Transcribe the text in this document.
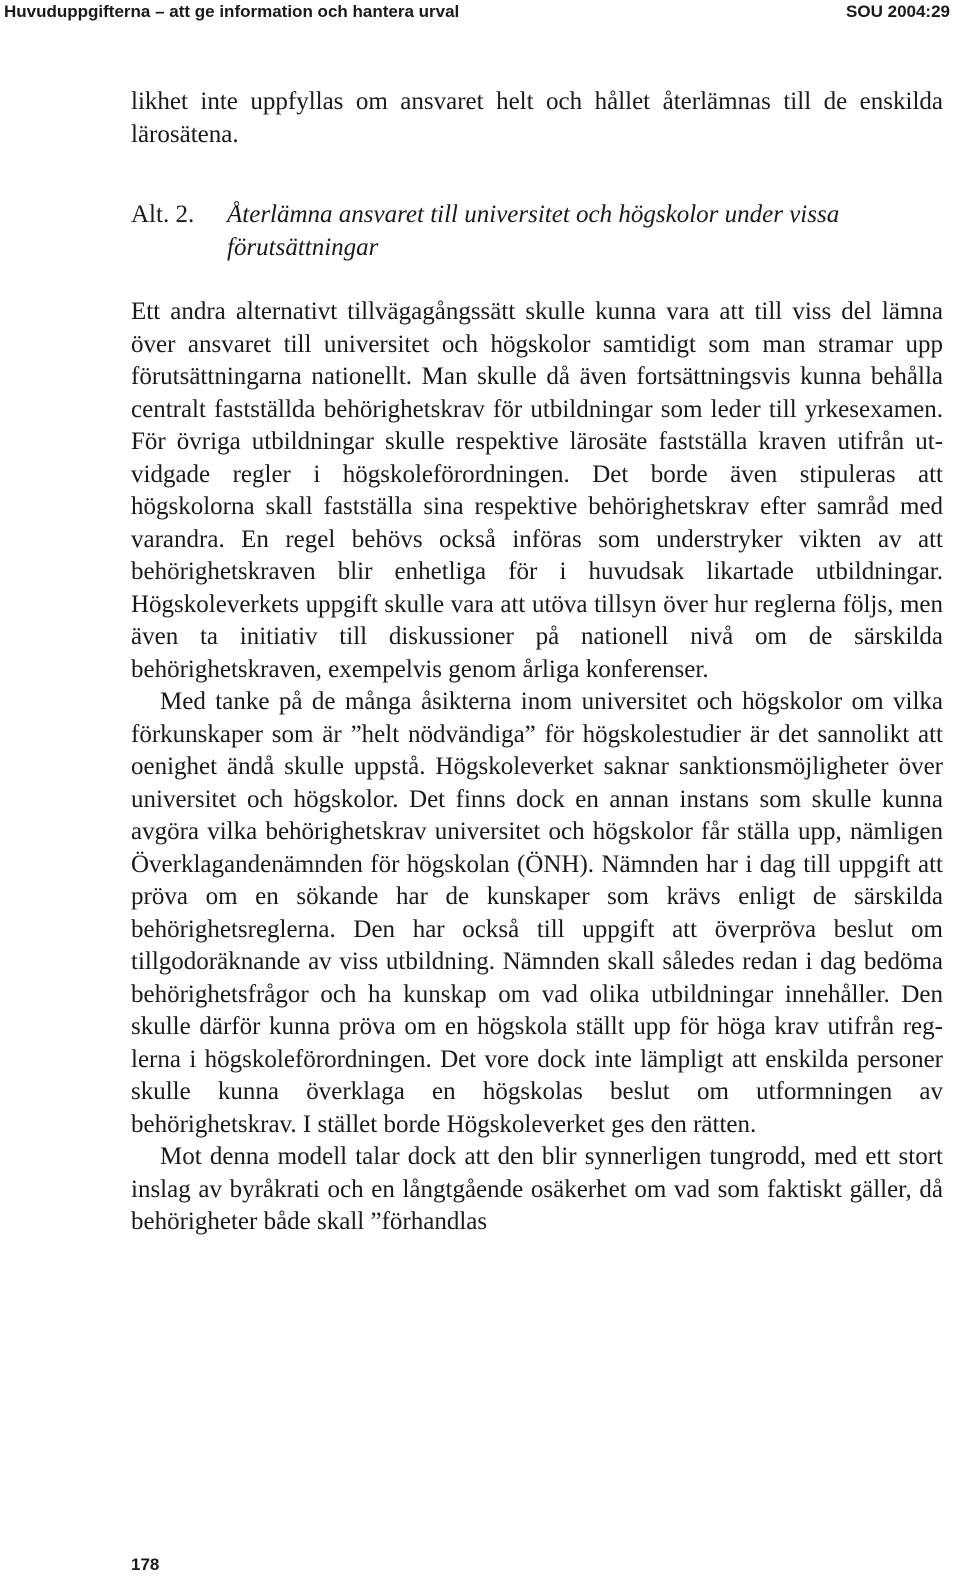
Huvuduppgifterna – att ge information och hantera urval	SOU 2004:29

likhet inte uppfyllas om ansvaret helt och hållet återlämnas till de enskilda lärosätena.

Alt. 2.	Återlämna ansvaret till universitet och högskolor under vissa förutsättningar

Ett andra alternativt tillvägagångssätt skulle kunna vara att till viss del lämna över ansvaret till universitet och högskolor samtidigt som man stramar upp förutsättningarna nationellt. Man skulle då även fortsättningsvis kunna behålla centralt fastställda behörighetskrav för utbildningar som leder till yrkesexamen. För övriga utbildningar skulle respektive lärosäte fastställa kraven utifrån utvidgade regler i högskoleförordningen. Det borde även stipuleras att högskolorna skall fastställa sina respektive behörighetskrav efter samråd med varandra. En regel behövs också införas som understryker vikten av att behörighetskraven blir enhetliga för i huvudsak likartade utbildningar. Högskoleverkets uppgift skulle vara att utöva tillsyn över hur reglerna följs, men även ta initiativ till diskussioner på nationell nivå om de särskilda behörighetskraven, exempelvis genom årliga konferenser.

Med tanke på de många åsikterna inom universitet och högskolor om vilka förkunskaper som är ”helt nödvändiga” för högskolestudier är det sannolikt att oenighet ändå skulle uppstå. Högskoleverket saknar sanktionsmöjligheter över universitet och högskolor. Det finns dock en annan instans som skulle kunna avgöra vilka behörighetskrav universitet och högskolor får ställa upp, nämligen Överklagandenämnden för högskolan (ÖNH). Nämnden har i dag till uppgift att pröva om en sökande har de kunskaper som krävs enligt de särskilda behörighetsreglerna. Den har också till uppgift att överpröva beslut om tillgodoräknande av viss utbildning. Nämnden skall således redan i dag bedöma behörighetsfrågor och ha kunskap om vad olika utbildningar innehåller. Den skulle därför kunna pröva om en högskola ställt upp för höga krav utifrån reglerna i högskoleförordningen. Det vore dock inte lämpligt att enskilda personer skulle kunna överklaga en högskolas beslut om utformningen av behörighetskrav. I stället borde Högskoleverket ges den rätten.

Mot denna modell talar dock att den blir synnerligen tungrodd, med ett stort inslag av byråkrati och en långtgående osäkerhet om vad som faktiskt gäller, då behörigheter både skall ”förhandlas

178
